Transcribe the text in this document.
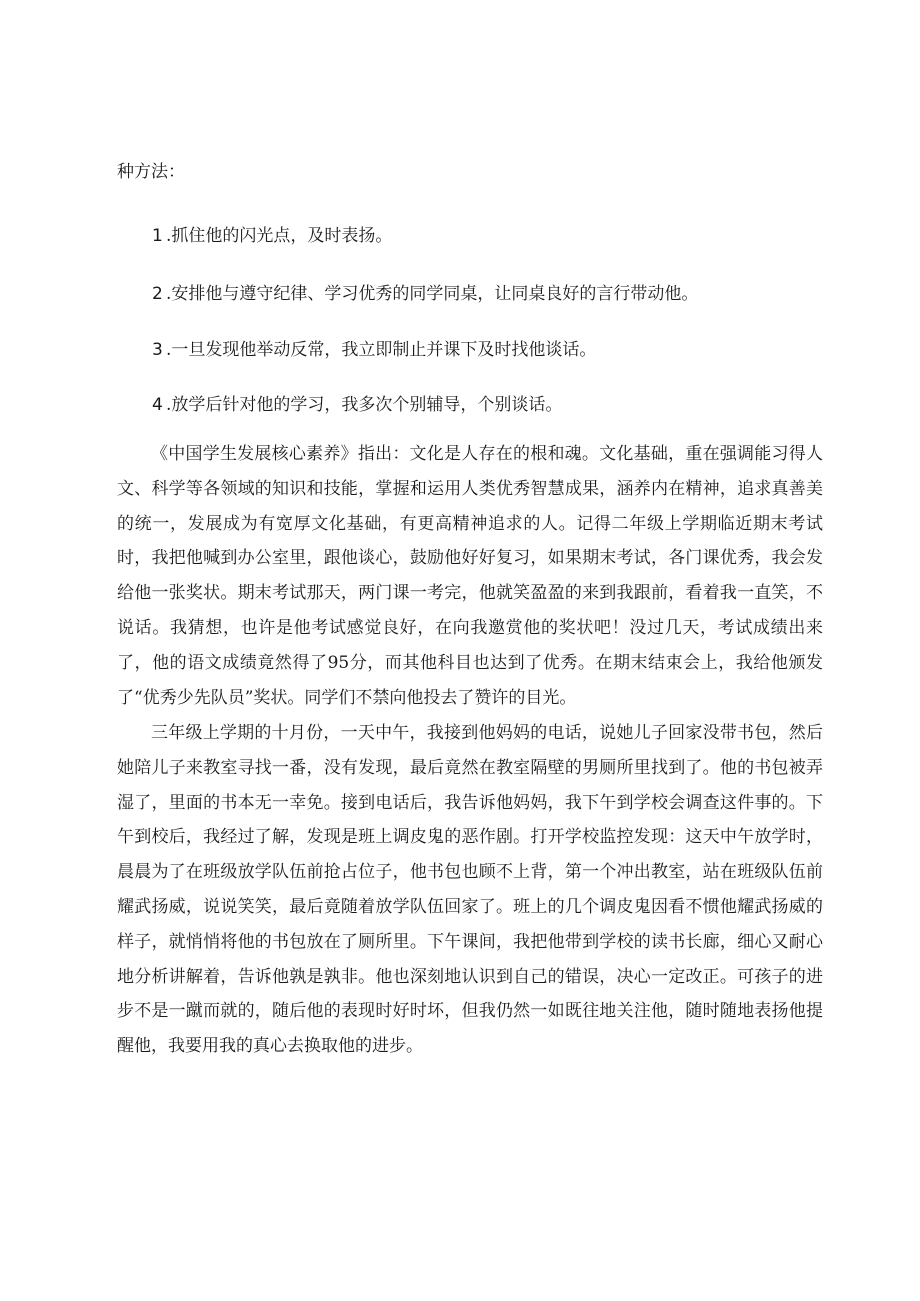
种方法：
1 .抓住他的闪光点，及时表扬。
2 .安排他与遵守纪律、学习优秀的同学同桌，让同桌良好的言行带动他。
3 .一旦发现他举动反常，我立即制止并课下及时找他谈话。
4 .放学后针对他的学习，我多次个别辅导，个别谈话。

《中国学生发展核心素养》指出：文化是人存在的根和魂。文化基础，重在强调能习得人文、科学等各领域的知识和技能，掌握和运用人类优秀智慧成果，涵养内在精神，追求真善美的统一，发展成为有宽厚文化基础，有更高精神追求的人。记得二年级上学期临近期末考试时，我把他喊到办公室里，跟他谈心，鼓励他好好复习，如果期末考试，各门课优秀，我会发给他一张奖状。期末考试那天，两门课一考完，他就笑盈盈的来到我跟前，看着我一直笑，不说话。我猜想，也许是他考试感觉良好，在向我邀赏他的奖状吧！没过几天，考试成绩出来了，他的语文成绩竟然得了95分，而其他科目也达到了优秀。在期末结束会上，我给他颁发了“优秀少先队员”奖状。同学们不禁向他投去了赞许的目光。

三年级上学期的十月份，一天中午，我接到他妈妈的电话，说她儿子回家没带书包，然后她陪儿子来教室寻找一番，没有发现，最后竟然在教室隔壁的男厕所里找到了。他的书包被弄湿了，里面的书本无一幸免。接到电话后，我告诉他妈妈，我下午到学校会调查这件事的。下午到校后，我经过了解，发现是班上调皮鬼的恶作剧。打开学校监控发现：这天中午放学时，晨晨为了在班级放学队伍前抢占位子，他书包也顾不上背，第一个冲出教室，站在班级队伍前耀武扬威，说说笑笑，最后竟随着放学队伍回家了。班上的几个调皮鬼因看不惯他耀武扬威的样子，就悄悄将他的书包放在了厕所里。下午课间，我把他带到学校的读书长廊，细心又耐心地分析讲解着，告诉他孰是孰非。他也深刻地认识到自己的错误，决心一定改正。可孩子的进步不是一蹴而就的，随后他的表现时好时坏，但我仍然一如既往地关注他，随时随地表扬他提醒他，我要用我的真心去换取他的进步。
